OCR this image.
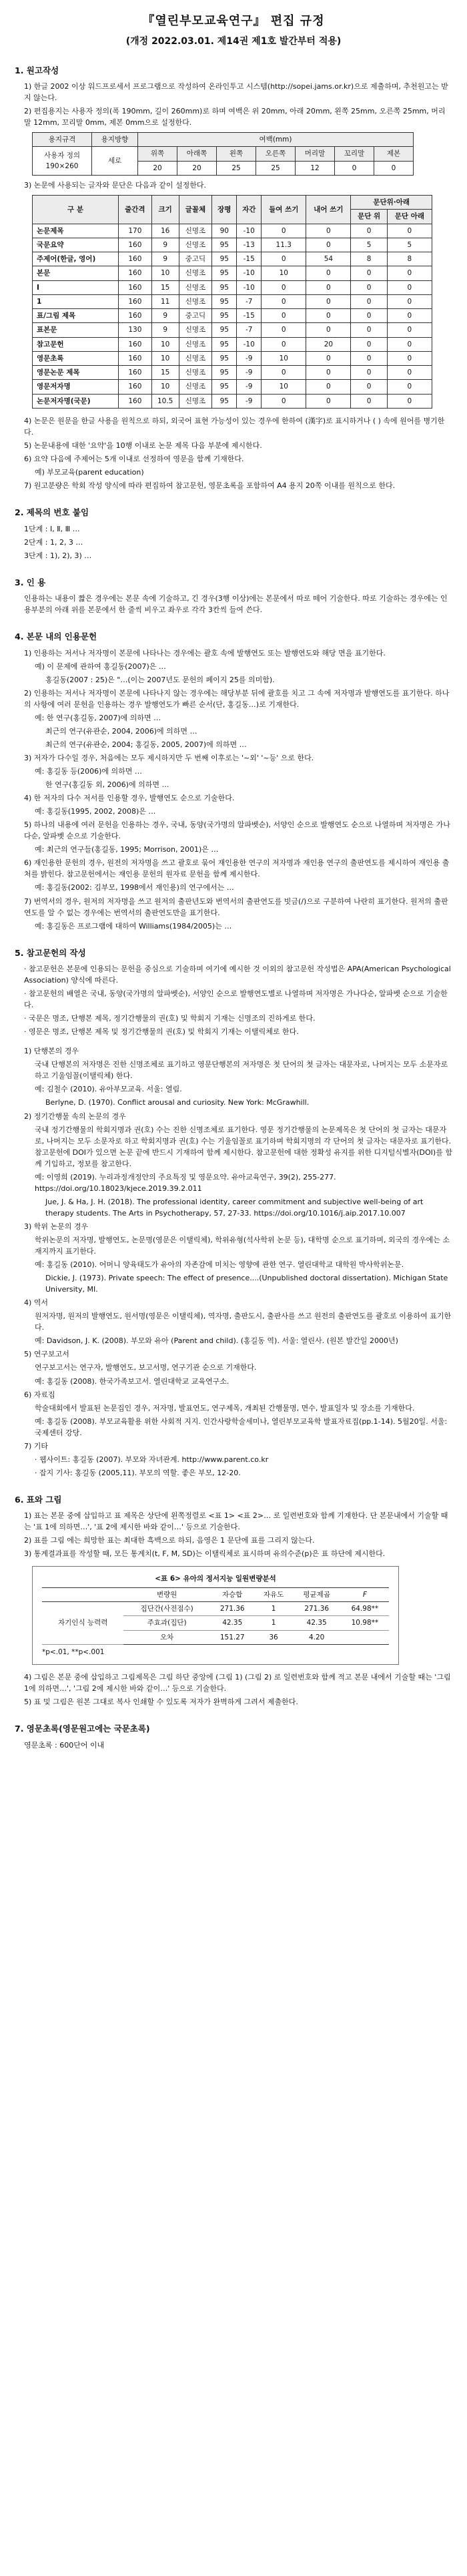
『열린부모교육연구』 편집 규정
(개정 2022.03.01. 제14권 제1호 발간부터 적용)
1. 원고작성

1) 한글 2002 이상 워드프로세서 프로그램으로 작성하여 온라인투고 시스템(http://sopei.jams.or.kr)으로 제출하며, 추천원고는 받지 않는다.

2) 편집용지는 사용자 정의(폭 190mm, 길이 260mm)로 하며 여백은 위 20mm, 아래 20mm, 왼쪽 25mm, 오른쪽 25mm, 머리말 12mm, 꼬리말 0mm, 제본 0mm으로 설정한다.

용지규격	용지방향	여백(mm)						
사용자 정의 190×260	세로	위쪽	아래쪽	왼쪽	오른쪽	머리말	꼬리말	제본
		20	20	25	25	12	0	0

3) 논문에 사용되는 글자와 문단은 다음과 같이 설정한다.

구 분	줄간격	크기	글꼴체	장평	자간	들여 쓰기	내어 쓰기	문단위·아래	
								문단 위	문단 아래
논문제목	170	16	신명조	90	-10	0	0	0	0
국문요약	160	9	신명조	95	-13	11.3	0	5	5
주제어(한글, 영어)	160	9	중고딕	95	-15	0	54	8	8
본문	160	10	신명조	95	-10	10	0	0	0
Ⅰ	160	15	신명조	95	-10	0	0	0	0
1	160	11	신명조	95	-7	0	0	0	0
표/그림 제목	160	9	중고딕	95	-15	0	0	0	0
표본문	130	9	신명조	95	-7	0	0	0	0
참고문헌	160	10	신명조	95	-10	0	20	0	0
영문초록	160	10	신명조	95	-9	10	0	0	0
영문논문 제목	160	15	신명조	95	-9	0	0	0	0
영문저자명	160	10	신명조	95	-9	10	0	0	0
논문저자명(국문)	160	10.5	신명조	95	-9	0	0	0	0

4) 논문은 원문을 한글 사용을 원칙으로 하되, 외국어 표현 가능성이 있는 경우에 한하여 (漢字)로 표시하거나 ( ) 속에 원어를 병기한다.

5) 논문내용에 대한 '요약'을 10행 이내로 논문 제목 다음 부분에 제시한다.

6) 요약 다음에 주제어는 5개 이내로 선정하여 영문을 함께 기재한다.

예) 부모교육(parent education)

7) 원고분량은 학회 작성 양식에 따라 편집하여 참고문헌, 영문초록을 포함하여 A4 용지 20쪽 이내를 원칙으로 한다.

2. 제목의 번호 붙임

1단계 : Ⅰ, Ⅱ, Ⅲ …

2단계 : 1, 2, 3 …

3단계 : 1), 2), 3) …

3. 인 용

인용하는 내용이 짧은 경우에는 본문 속에 기술하고, 긴 경우(3행 이상)에는 본문에서 따로 떼어 기술한다. 따로 기술하는 경우에는 인용부분의 아래 위를 본문에서 한 줄씩 비우고 좌우로 각각 3칸씩 들여 쓴다.

4. 본문 내의 인용문헌

1) 인용하는 저서나 저자명이 본문에 나타나는 경우에는 괄호 속에 발행연도 또는 발행연도와 해당 면을 표기한다.

예) 이 문제에 관하여 홍길동(2007)은 …

홍길동(2007 : 25)은 "…(이는 2007년도 문헌의 페이지 25를 의미함).

2) 인용하는 저서나 저자명이 본문에 나타나지 않는 경우에는 해당부분 뒤에 괄호를 치고 그 속에 저자명과 발행연도를 표기한다. 하나의 사항에 여러 문헌을 인용하는 경우 발행연도가 빠른 순서(단, 홍길동…)로 기재한다.

예: 한 연구(홍길동, 2007)에 의하면 …

최근의 연구(유관순, 2004, 2006)에 의하면 …

최근의 연구(유관순, 2004; 홍길동, 2005, 2007)에 의하면 …

3) 저자가 다수일 경우, 처음에는 모두 제시하지만 두 번째 이후로는 '~외' '~등' 으로 한다.

예: 홍길동 등(2006)에 의하면 …

한 연구(홍길동 외, 2006)에 의하면 …

4) 한 저자의 다수 저서를 인용할 경우, 발행연도 순으로 기술한다.

예: 홍길동(1995, 2002, 2008)은 …

5) 하나의 내용에 여러 문헌을 인용하는 경우, 국내, 동양(국가명의 알파벳순), 서양인 순으로 발행연도 순으로 나열하며 저자명은 가나다순, 알파벳 순으로 기술한다.

예: 최근의 연구들(홍길동, 1995; Morrison, 2001)은 …

6) 재인용한 문헌의 경우, 원전의 저자명을 쓰고 괄호로 묶어 재인용한 연구의 저자명과 재인용 연구의 출판연도를 제시하여 재인용 출처를 밝힌다. 참고문헌에서는 재인용 문헌의 원자료 문헌을 함께 제시한다.

예: 홍길동(2002: 김부모, 1998에서 재인용)의 연구에서는 …

7) 번역서의 경우, 원저의 저자명을 쓰고 원저의 출판년도와 번역서의 출판연도를 빗금(/)으로 구분하여 나란히 표기한다. 원저의 출판연도를 알 수 없는 경우에는 번역서의 출판연도만을 표기한다.

예: 홍길동은 프로그램에 대하여 Williams(1984/2005)는 …

5. 참고문헌의 작성

· 참고문헌은 본문에 인용되는 문헌을 중심으로 기술하며 여기에 예시한 것 이외의 참고문헌 작성법은 APA(American Psychological Association) 양식에 따른다.

· 참고문헌의 배열은 국내, 동양(국가명의 알파벳순), 서양인 순으로 발행연도별로 나열하며 저자명은 가나다순, 알파벳 순으로 기술한다.

· 국문은 명조, 단행본 제목, 정기간행물의 권(호) 및 학회지 기재는 신명조의 진하게로 한다.

· 영문은 명조, 단행본 제목 및 정기간행물의 권(호) 및 학회지 기재는 이탤릭체로 한다.

1) 단행본의 경우

국내 단행본의 저자명은 진한 신명조체로 표기하고 영문단행본의 저자명은 첫 단어의 첫 글자는 대문자로, 나머지는 모두 소문자로 하고 기울임꼴(이탤릭체) 한다.

예: 김철수 (2010). 유아부모교육. 서울: 열림.

Berlyne, D. (1970). Conflict arousal and curiosity. New York: McGrawhill.

2) 정기간행물 속의 논문의 경우

국내 정기간행물의 학회지명과 권(호) 수는 진한 신명조체로 표기한다. 영문 정기간행물의 논문제목은 첫 단어의 첫 글자는 대문자로, 나머지는 모두 소문자로 하고 학회지명과 권(호) 수는 기울임꼴로 표기하며 학회지명의 각 단어의 첫 글자는 대문자로 표기한다. 참고문헌에 DOI가 있으면 논문 끝에 반드시 기재하여 함께 제시한다. 참고문헌에 대한 정확성 유지를 위한 디지털식별자(DOI)를 함께 기입하고, 정보를 참고한다.

예: 이영희 (2019). 누리과정개정안의 주요특징 및 영문요약. 유아교육연구, 39(2), 255-277. https://doi.org/10.18023/kjece.2019.39.2.011

Jue, J. & Ha, J. H. (2018). The professional identity, career commitment and subjective well-being of art therapy students. The Arts in Psychotherapy, 57, 27-33. https://doi.org/10.1016/j.aip.2017.10.007

3) 학위 논문의 경우

학위논문의 저자명, 발행연도, 논문명(영문은 이탤릭체), 학위유형(석사학위 논문 등), 대학명 순으로 표기하며, 외국의 경우에는 소재지까지 표기한다.

예: 홍길동 (2010). 어머니 양육태도가 유아의 자존감에 미치는 영향에 관한 연구. 열린대학교 대학원 박사학위논문.

Dickie, J. (1973). Private speech: The effect of presence....(Unpublished doctoral dissertation). Michigan State University, MI.

4) 역서

원저자명, 원저의 발행연도, 원서명(영문은 이탤릭체), 역자명, 출판도시, 출판사를 쓰고 원전의 출판연도를 괄호로 이용하여 표기한다.

예: Davidson, J. K. (2008). 부모와 유아 (Parent and child). (홍길동 역). 서울: 열린사. (원본 발간일 2000년)

5) 연구보고서

연구보고서는 연구자, 발행연도, 보고서명, 연구기관 순으로 기재한다.

예: 홍길동 (2008). 한국가족보고서. 열린대학교 교육연구소.

6) 자료집

학술대회에서 발표된 논문집인 경우, 저자명, 발표연도, 연구제목, 개최된 간행물명, 면수, 발표일자 및 장소를 기재한다.

예: 홍길동 (2008). 부모교육활용 위한 사회적 지지. 인간사랑학술세미나, 열린부모교육학 발표자료집(pp.1-14). 5월20일. 서울: 국제센터 강당.

7) 기타

· 웹사이트: 홍길동 (2007). 부모와 자녀관계. http://www.parent.co.kr

· 잡지 기사: 홍길동 (2005,11). 부모의 역할. 좋은 부모, 12-20.

6. 표와 그림

1) 표는 본문 중에 삽입하고 표 제목은 상단에 왼쪽정렬로 <표 1> <표 2>… 로 일련번호와 함께 기재한다. 단 본문내에서 기술할 때는 '표 1에 의하면…', '표 2에 제시한 바와 같이…' 등으로 기술한다.

2) 표를 그림 에는 희망한 표는 최대한 흑백으로 하되, 음영은 1 문단에 표를 그리지 않는다.

3) 통계결과표를 작성할 때, 모든 통계치(t, F, M, SD)는 이탤릭체로 표시하며 유의수준(p)은 표 하단에 제시한다.

<표 6> 유아의 정서지능 일원변량분석
	변량원	자승합	자유도	평균제곱	F
자기인식 능력력	집단간(사전점수)	271.36	1	271.36	64.98**
	주효과(집단)	42.35	1	42.35	10.98**
	오차	151.27	36	4.20	
*p<.01, **p<.001

4) 그림은 본문 중에 삽입하고 그림제목은 그림 하단 중앙에 (그림 1) (그림 2) 로 일련번호와 함께 적고 본문 내에서 기술할 때는 '그림 1에 의하면…', '그림 2에 제시한 바와 같이…' 등으로 기술한다.

5) 표 및 그림은 원본 그대로 복사 인쇄할 수 있도록 저자가 완벽하게 그려서 제출한다.

7. 영문초록(영문원고에는 국문초록)

영문초록 : 600단어 이내
